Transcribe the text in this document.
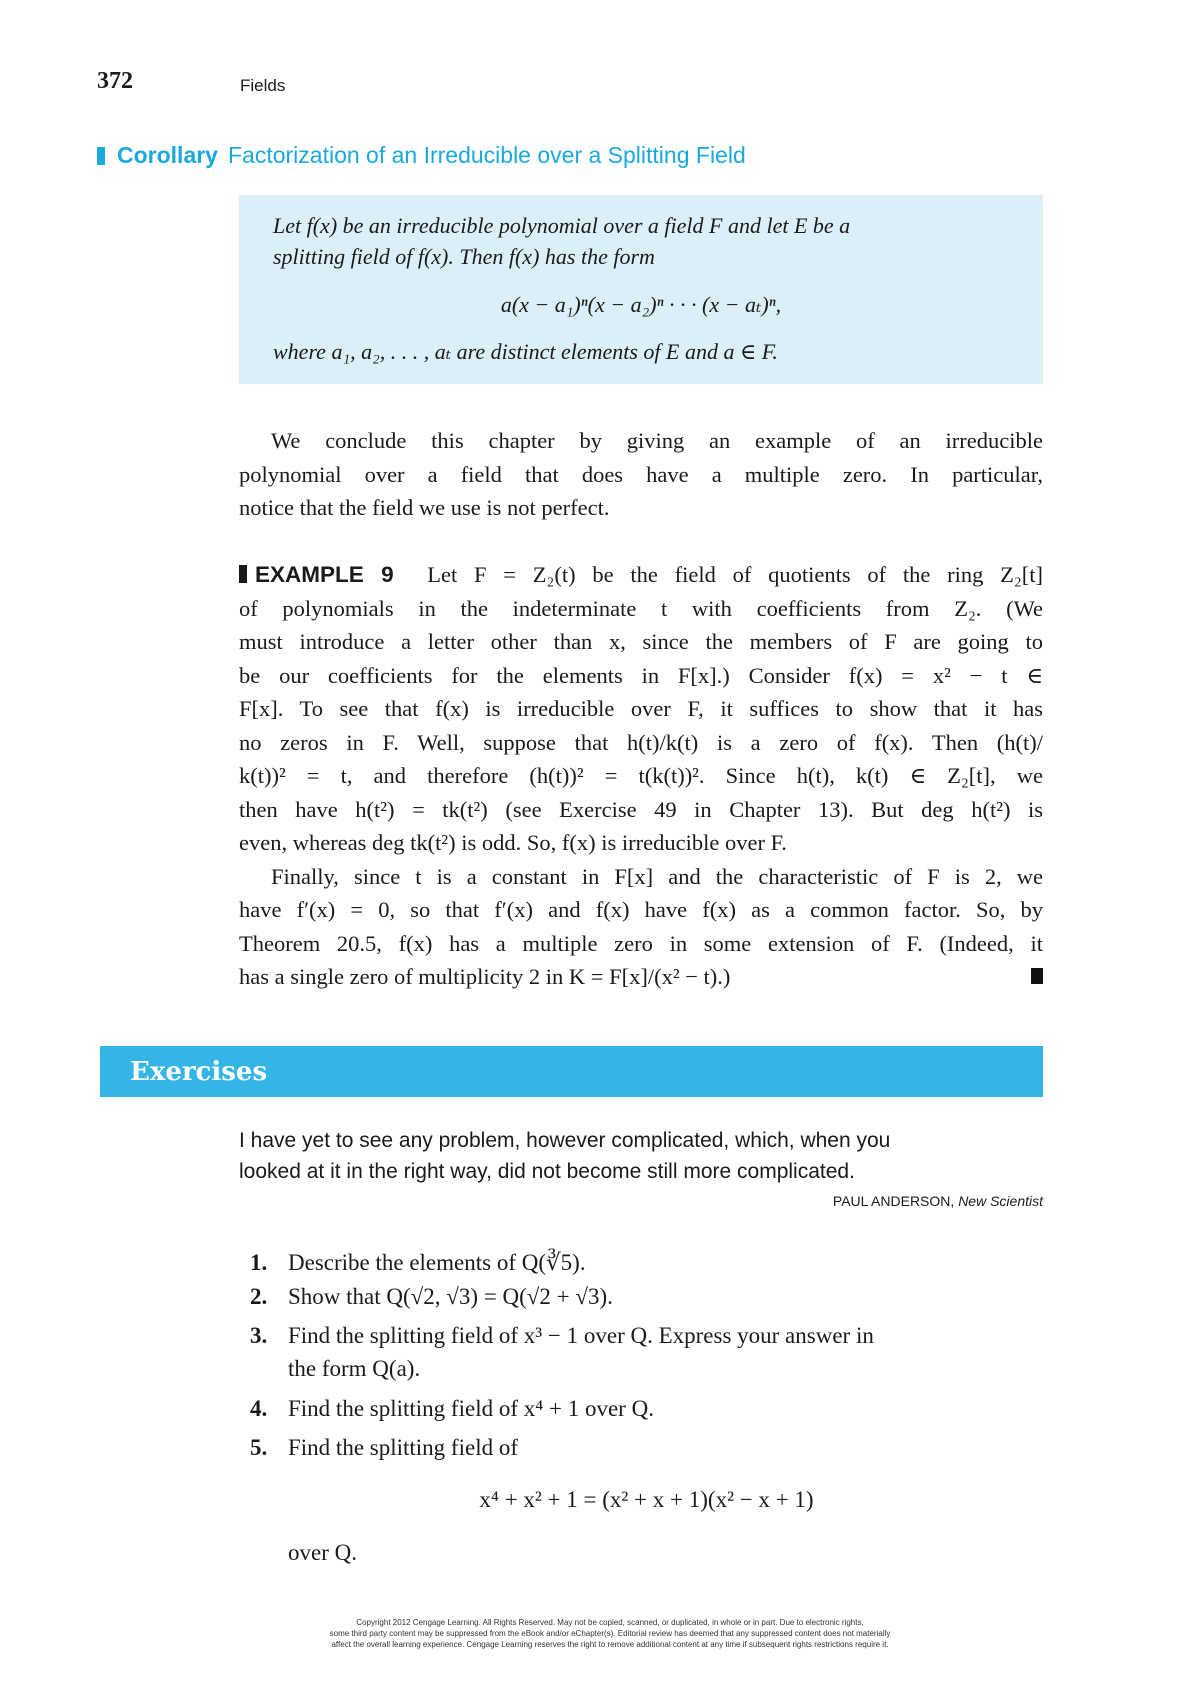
372	Fields
Corollary Factorization of an Irreducible over a Splitting Field
Let f(x) be an irreducible polynomial over a field F and let E be a
splitting field of f(x). Then f(x) has the form
a(x − a₁)ⁿ(x − a₂)ⁿ · · · (x − aₜ)ⁿ,
where a₁, a₂, . . . , aₜ are distinct elements of E and a ∈ F.
We conclude this chapter by giving an example of an irreducible
polynomial over a field that does have a multiple zero. In particular,
notice that the field we use is not perfect.
EXAMPLE 9 Let F = Z₂(t) be the field of quotients of the ring Z₂[t]
of polynomials in the indeterminate t with coefficients from Z₂. (We
must introduce a letter other than x, since the members of F are going to
be our coefficients for the elements in F[x].) Consider f(x) = x² − t ∈
F[x]. To see that f(x) is irreducible over F, it suffices to show that it has
no zeros in F. Well, suppose that h(t)/k(t) is a zero of f(x). Then (h(t)/
k(t))² = t, and therefore (h(t))² = t(k(t))². Since h(t), k(t) ∈ Z₂[t], we
then have h(t²) = tk(t²) (see Exercise 49 in Chapter 13). But deg h(t²) is
even, whereas deg tk(t²) is odd. So, f(x) is irreducible over F.
Finally, since t is a constant in F[x] and the characteristic of F is 2, we
have f′(x) = 0, so that f′(x) and f(x) have f(x) as a common factor. So, by
Theorem 20.5, f(x) has a multiple zero in some extension of F. (Indeed, it
has a single zero of multiplicity 2 in K = F[x]/(x² − t).)
Exercises
I have yet to see any problem, however complicated, which, when you
looked at it in the right way, did not become still more complicated.
PAUL ANDERSON, New Scientist
1. Describe the elements of Q(∛5).
2. Show that Q(√2, √3) = Q(√2 + √3).
3. Find the splitting field of x³ − 1 over Q. Express your answer in
the form Q(a).
4. Find the splitting field of x⁴ + 1 over Q.
5. Find the splitting field of
x⁴ + x² + 1 = (x² + x + 1)(x² − x + 1)
over Q.
Copyright 2012 Cengage Learning. All Rights Reserved. May not be copied, scanned, or duplicated, in whole or in part. Due to electronic rights,
some third party content may be suppressed from the eBook and/or eChapter(s). Editorial review has deemed that any suppressed content does not materially
affect the overall learning experience. Cengage Learning reserves the right to remove additional content at any time if subsequent rights restrictions require it.
